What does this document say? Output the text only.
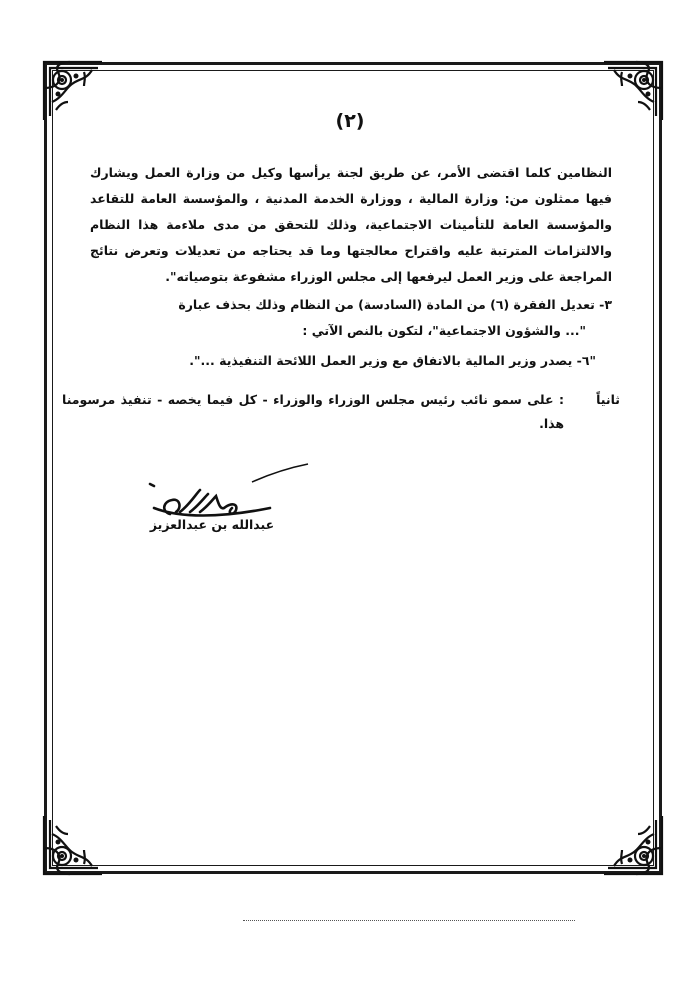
(٢)

النظامين كلما اقتضى الأمر، عن طريق لجنة يرأسها وكيل من وزارة العمل ويشارك فيها ممثلون من: وزارة المالية ، ووزارة الخدمة المدنية ، والمؤسسة العامة للتقاعد والمؤسسة العامة للتأمينات الاجتماعية، وذلك للتحقق من مدى ملاءمة هذا النظام والالتزامات المترتبة عليه واقتراح معالجتها وما قد يحتاجه من تعديلات وتعرض نتائج المراجعة على وزير العمل ليرفعها إلى مجلس الوزراء مشفوعة بتوصياته".

٣- تعديل الفقرة (٦) من المادة (السادسة) من النظام وذلك بحذف عبارة

"... والشؤون الاجتماعية"، لتكون بالنص الآتي :

"٦- يصدر وزير المالية بالاتفاق مع وزير العمل اللائحة التنفيذية ...".

ثانياً
: على سمو نائب رئيس مجلس الوزراء والوزراء - كل فيما يخصه - تنفيذ مرسومنا هذا.
عبدالله بن عبدالعزيز
